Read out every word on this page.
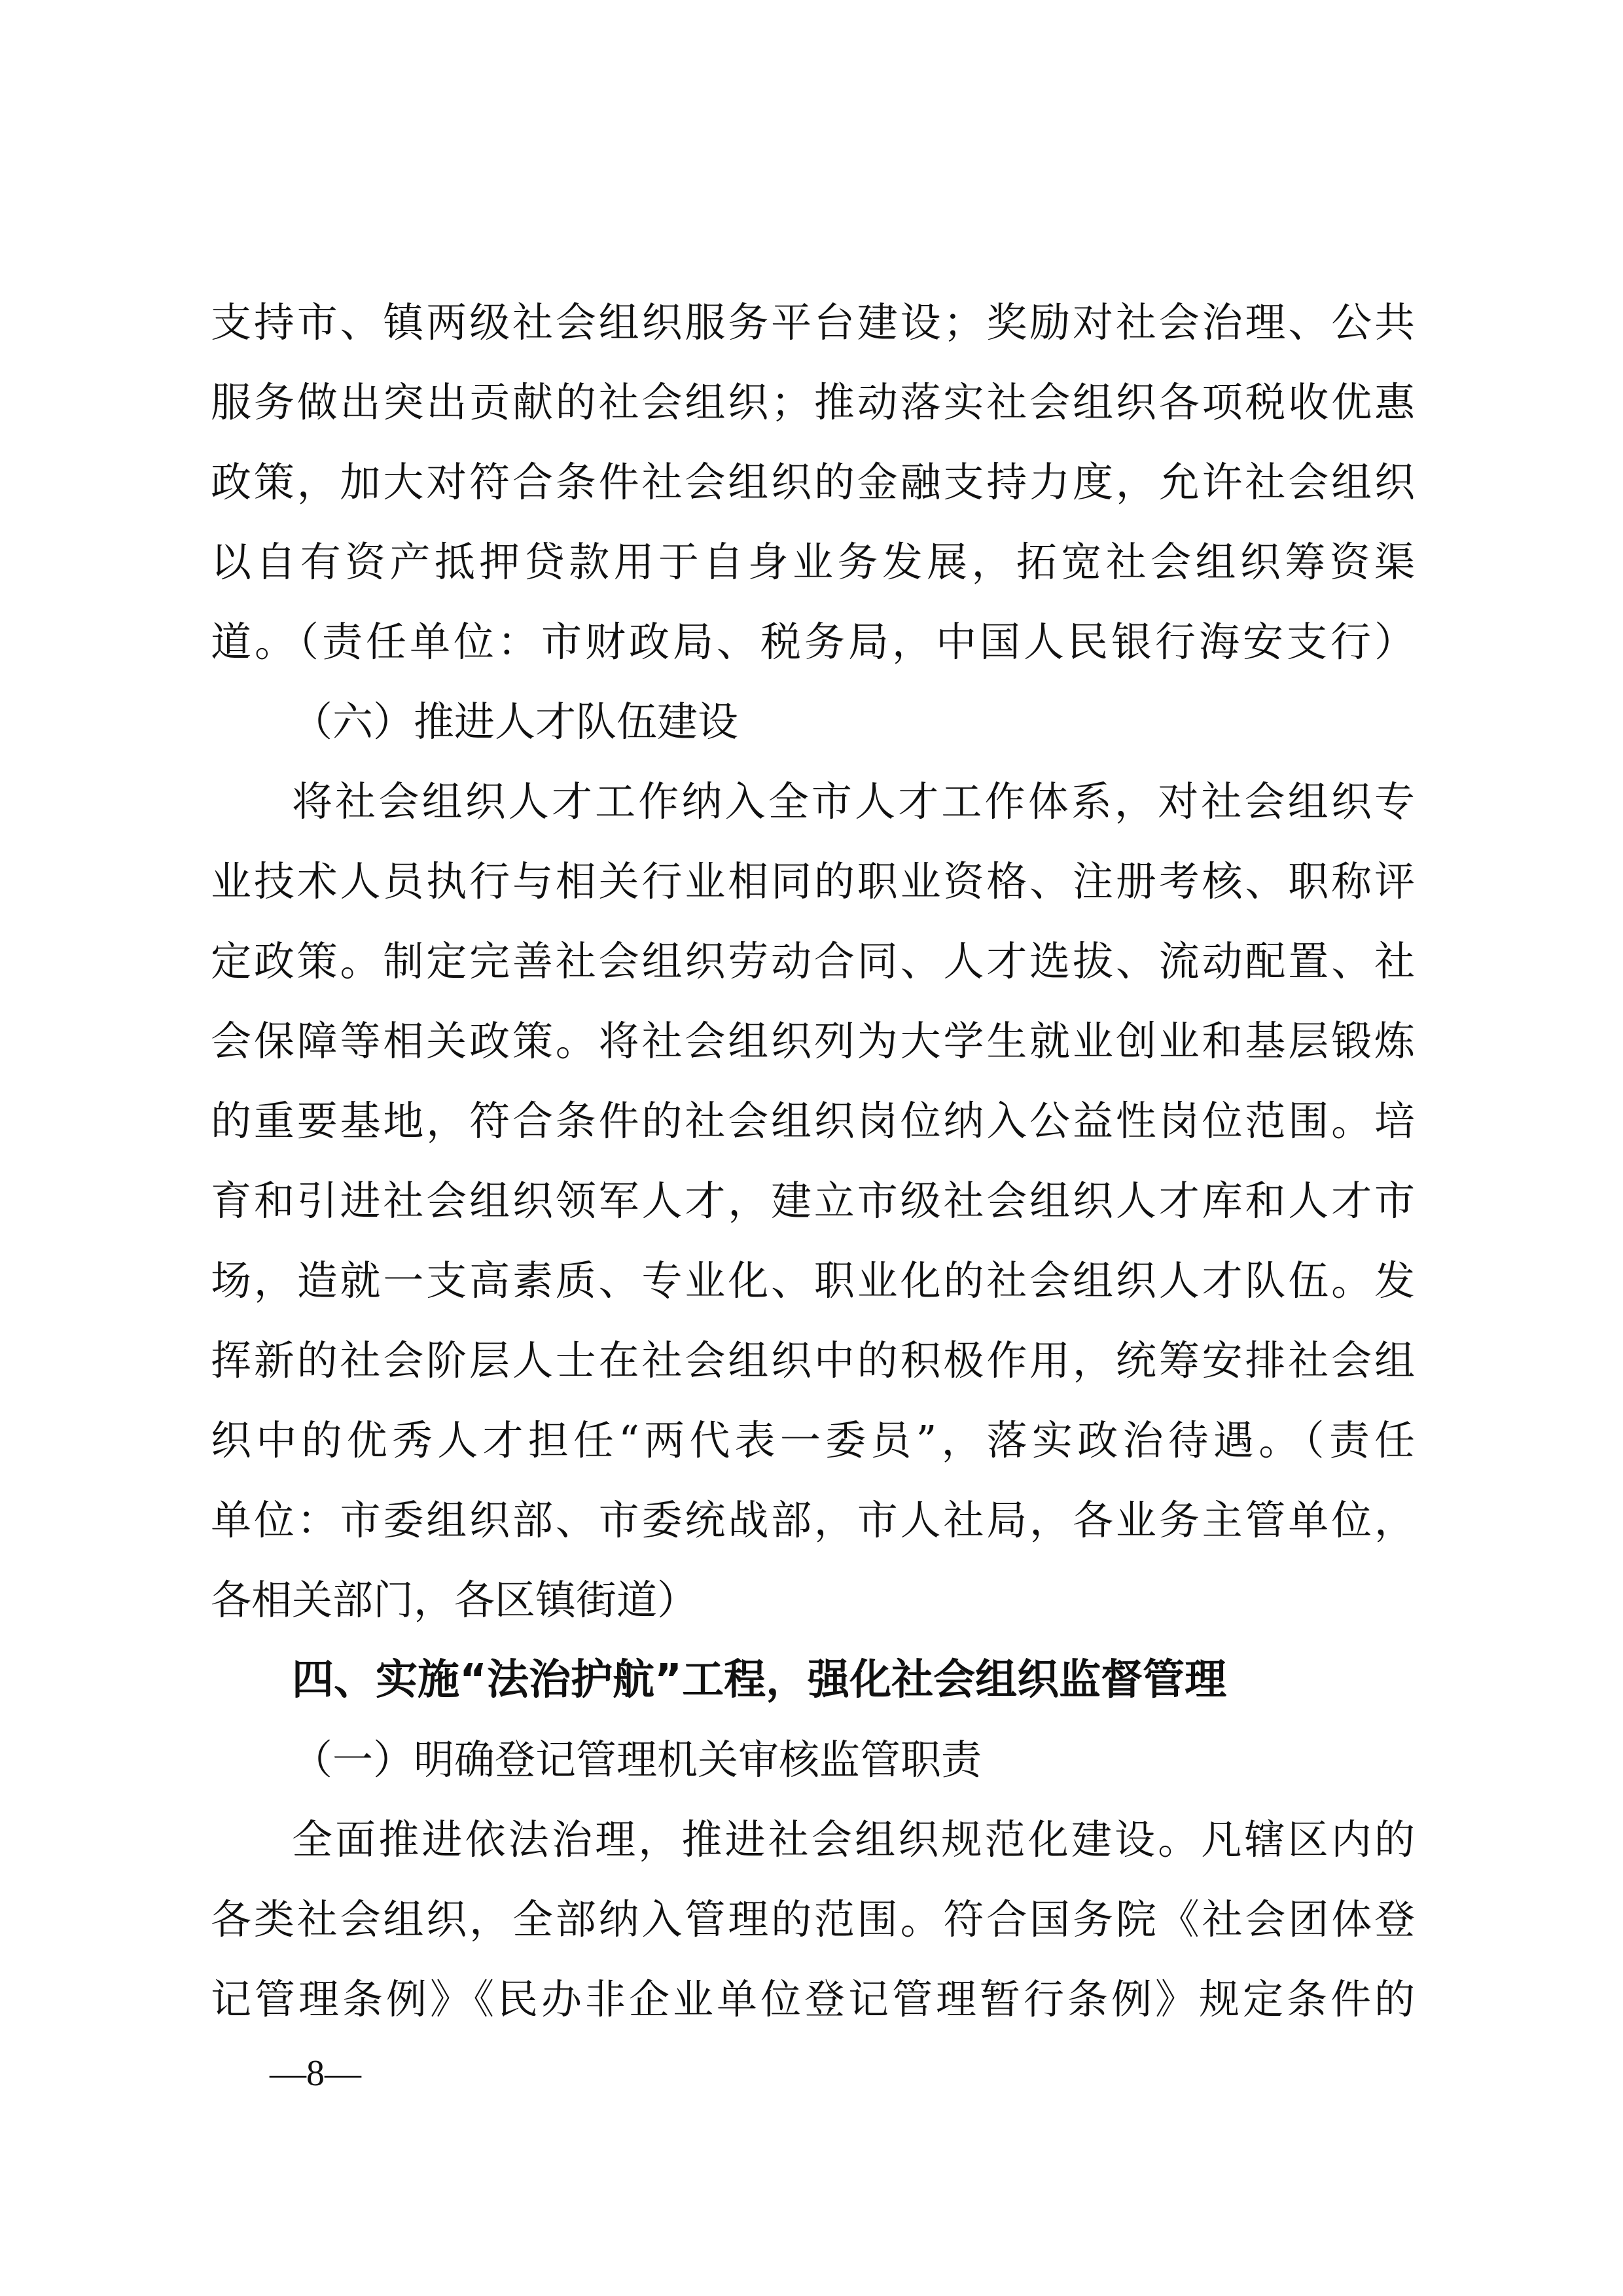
支持市、镇两级社会组织服务平台建设；奖励对社会治理、公共
服务做出突出贡献的社会组织；推动落实社会组织各项税收优惠
政策，加大对符合条件社会组织的金融支持力度，允许社会组织
以自有资产抵押贷款用于自身业务发展，拓宽社会组织筹资渠
道。（责任单位：市财政局、税务局，中国人民银行海安支行）
（六）推进人才队伍建设
将社会组织人才工作纳入全市人才工作体系，对社会组织专
业技术人员执行与相关行业相同的职业资格、注册考核、职称评
定政策。制定完善社会组织劳动合同、人才选拔、流动配置、社
会保障等相关政策。将社会组织列为大学生就业创业和基层锻炼
的重要基地，符合条件的社会组织岗位纳入公益性岗位范围。培
育和引进社会组织领军人才，建立市级社会组织人才库和人才市
场，造就一支高素质、专业化、职业化的社会组织人才队伍。发
挥新的社会阶层人士在社会组织中的积极作用，统筹安排社会组
织中的优秀人才担任“两代表一委员”，落实政治待遇。（责任
单位：市委组织部、市委统战部，市人社局，各业务主管单位，
各相关部门，各区镇街道）
四、实施“法治护航”工程，强化社会组织监督管理
（一）明确登记管理机关审核监管职责
全面推进依法治理，推进社会组织规范化建设。凡辖区内的
各类社会组织，全部纳入管理的范围。符合国务院《社会团体登
记管理条例》《民办非企业单位登记管理暂行条例》规定条件的
—8—
